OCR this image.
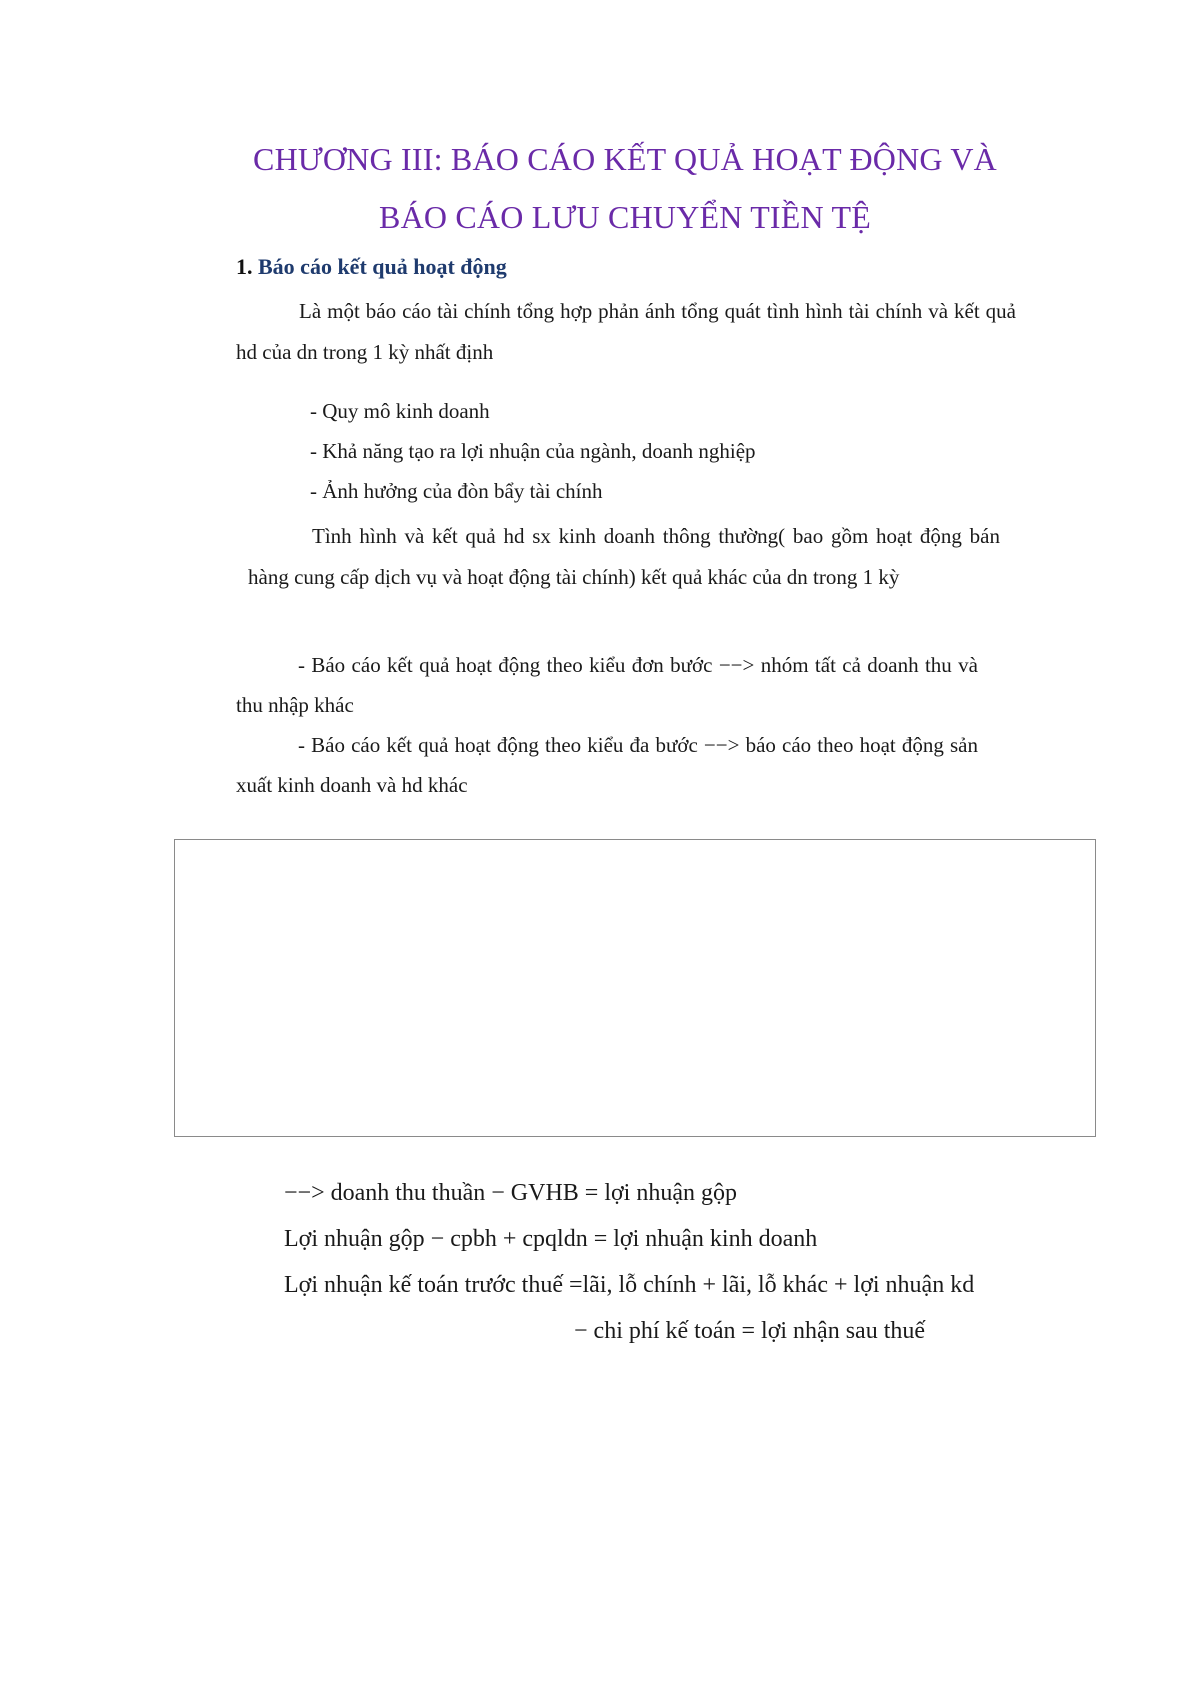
CHƯƠNG III: BÁO CÁO KẾT QUẢ HOẠT ĐỘNG VÀ
BÁO CÁO LƯU CHUYỂN TIỀN TỆ
1. Báo cáo kết quả hoạt động
Là một báo cáo tài chính tổng hợp phản ánh tổng quát tình hình tài chính và kết quả hd của dn trong 1 kỳ nhất định
- Quy mô kinh doanh
- Khả năng tạo ra lợi nhuận của ngành, doanh nghiệp
- Ảnh hưởng của đòn bẩy tài chính
Tình hình và kết quả hd sx kinh doanh thông thường( bao gồm hoạt động bán hàng cung cấp dịch vụ và hoạt động tài chính) kết quả khác của dn trong 1 kỳ
- Báo cáo kết quả hoạt động theo kiểu đơn bước −−> nhóm tất cả doanh thu và thu nhập khác
- Báo cáo kết quả hoạt động theo kiểu đa bước −−> báo cáo theo hoạt động sản xuất kinh doanh và hd khác
−−> doanh thu thuần − GVHB = lợi nhuận gộp
Lợi nhuận gộp − cpbh + cpqldn = lợi nhuận kinh doanh
Lợi nhuận kế toán trước thuế =lãi, lỗ chính + lãi, lỗ khác + lợi nhuận kd
− chi phí kế toán = lợi nhận sau thuế
